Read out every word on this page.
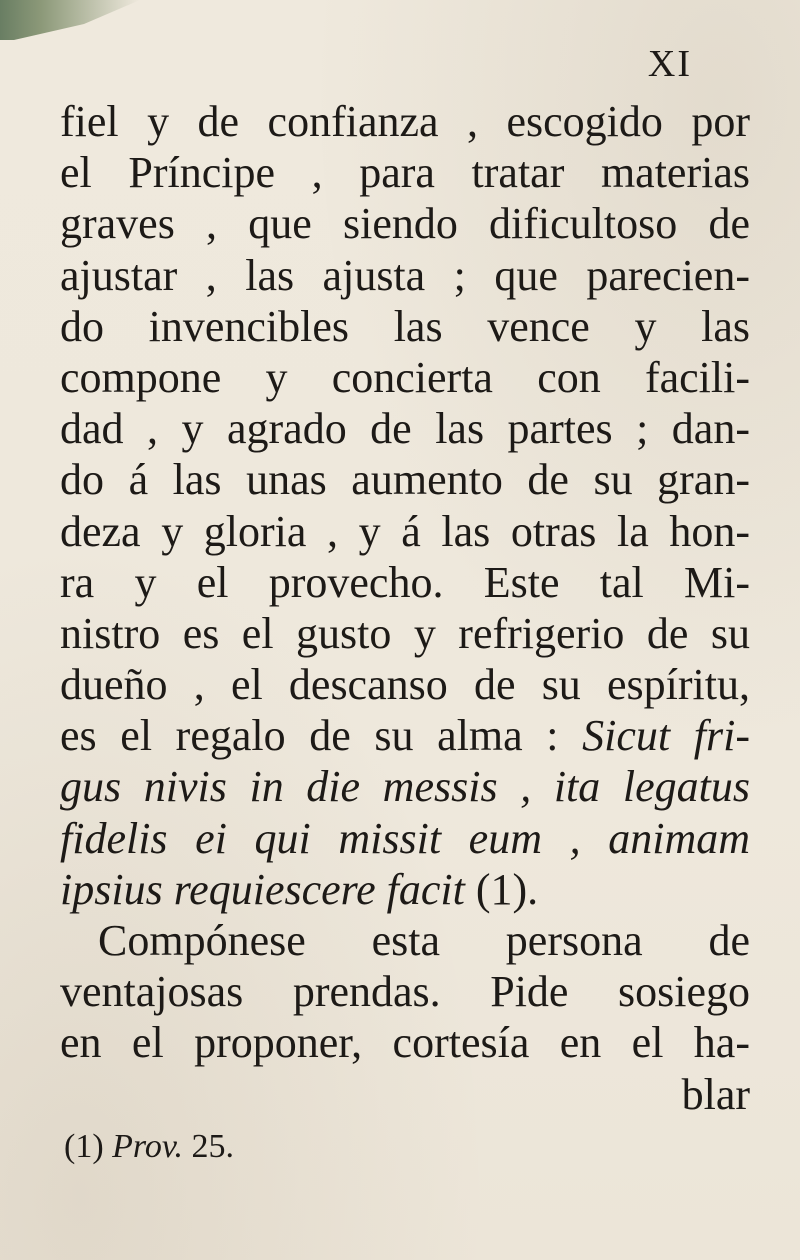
XI
fiel y de confianza , escogido por
el Príncipe , para tratar materias
graves , que siendo dificultoso de
ajustar , las ajusta ; que parecien-
do invencibles las vence y las
compone y concierta con facili-
dad , y agrado de las partes ; dan-
do á las unas aumento de su gran-
deza y gloria , y á las otras la hon-
ra y el provecho. Este tal Mi-
nistro es el gusto y refrigerio de su
dueño , el descanso de su espíritu,
es el regalo de su alma : Sicut fri-
gus nivis in die messis , ita legatus
fidelis ei qui missit eum , animam
ipsius requiescere facit (1).
Compónese esta persona de
ventajosas prendas. Pide sosiego
en el proponer, cortesía en el ha-
blar
(1) Prov. 25.
